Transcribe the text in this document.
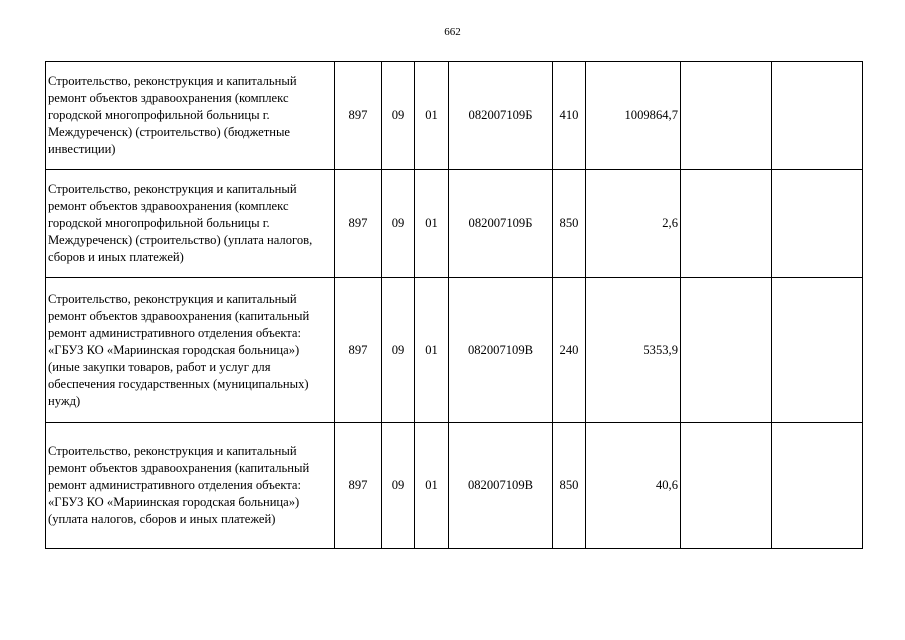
662
Строительство, реконструкция и капитальный ремонт объектов здравоохранения (комплекс городской многопрофильной больницы г. Междуреченск) (строительство) (бюджетные инвестиции)	897	09	01	082007109Б	410	1009864,7		
Строительство, реконструкция и капитальный ремонт объектов здравоохранения (комплекс городской многопрофильной больницы г. Междуреченск) (строительство) (уплата налогов, сборов и иных платежей)	897	09	01	082007109Б	850	2,6		
Строительство, реконструкция и капитальный ремонт объектов здравоохранения (капитальный ремонт административного отделения объекта: «ГБУЗ КО «Мариинская городская больница») (иные закупки товаров, работ и услуг для обеспечения государственных (муниципальных) нужд)	897	09	01	082007109В	240	5353,9		
Строительство, реконструкция и капитальный ремонт объектов здравоохранения (капитальный ремонт административного отделения объекта: «ГБУЗ КО «Мариинская городская больница») (уплата налогов, сборов и иных платежей)	897	09	01	082007109В	850	40,6		
